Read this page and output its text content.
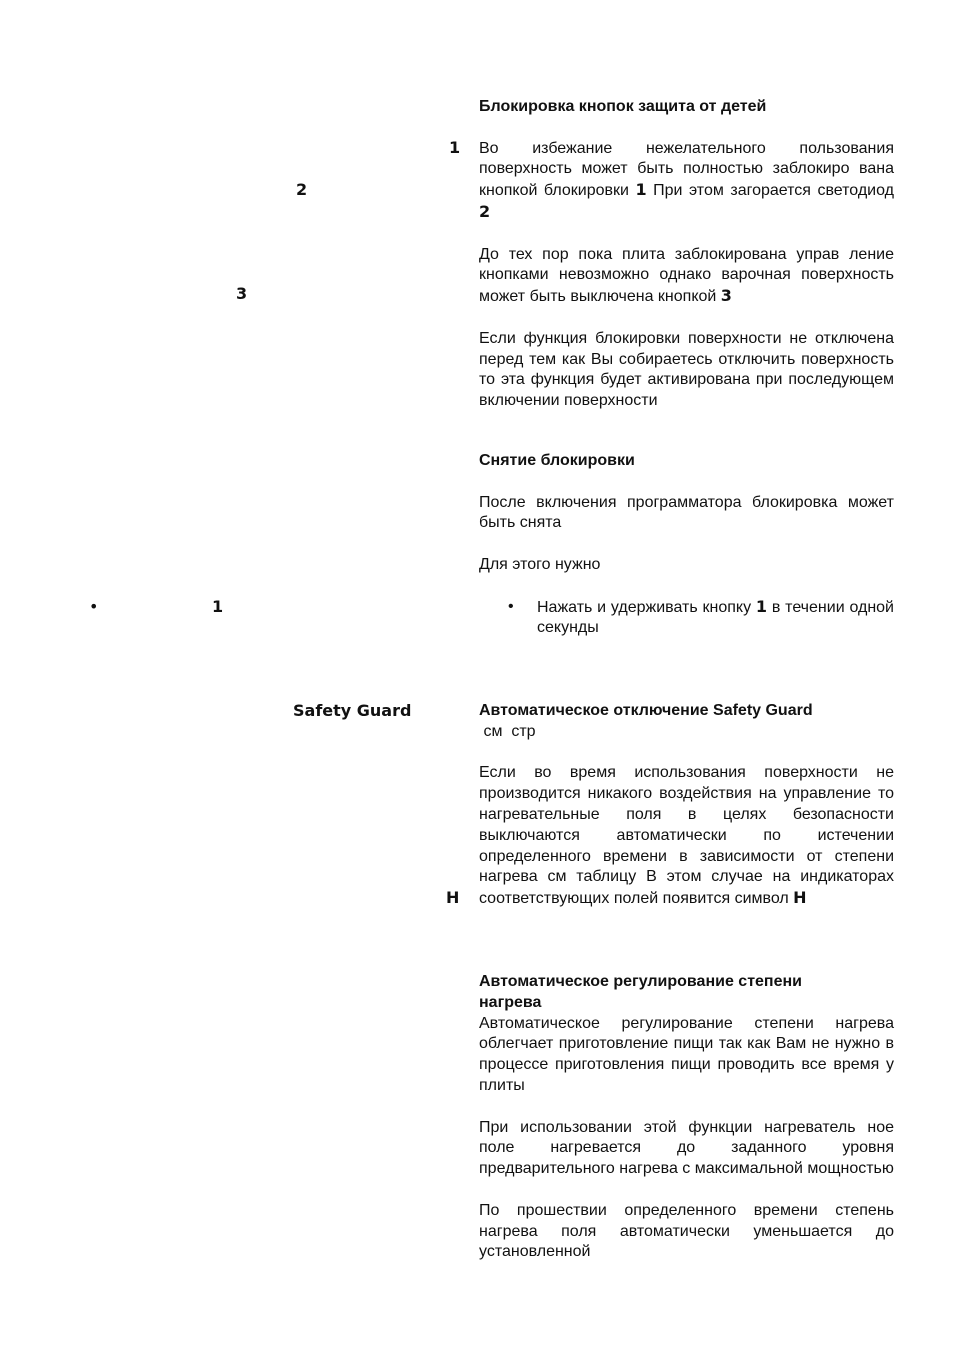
1
2
3
•	1
Safety Guard
H

Блокировка кнопок защита от детей

Во избежание нежелательного пользования поверхность может быть полностью заблокиро вана кнопкой блокировки 1 При этом загорается светодиод 2

До тех пор пока плита заблокирована управ ление кнопками невозможно однако варочная поверхность может быть выключена кнопкой 3

Если функция блокировки поверхности не отключена перед тем как Вы собираетесь отключить поверхность то эта функция будет активирована при последующем включении поверхности

Снятие блокировки

После включения программатора блокировка может быть снята

Для этого нужно

• Нажать и удерживать кнопку 1 в течении одной секунды

Автоматическое отключение Safety Guard

см  стр

Если во время использования поверхности не производится никакого воздействия на управление то нагревательные поля в целях безопасности выключаются автоматически по истечении определенного времени в зависимости от степени нагрева см таблицу В этом случае на индикаторах соответствующих полей появится символ H

Автоматическое регулирование степени нагрева

Автоматическое регулирование степени нагрева облегчает приготовление пищи так как Вам не нужно в процессе приготовления пищи проводить все время у плиты

При использовании этой функции нагреватель ное поле нагревается до заданного уровня предварительного нагрева с максимальной мощностью

По прошествии определенного времени степень нагрева поля автоматически уменьшается до установленной
